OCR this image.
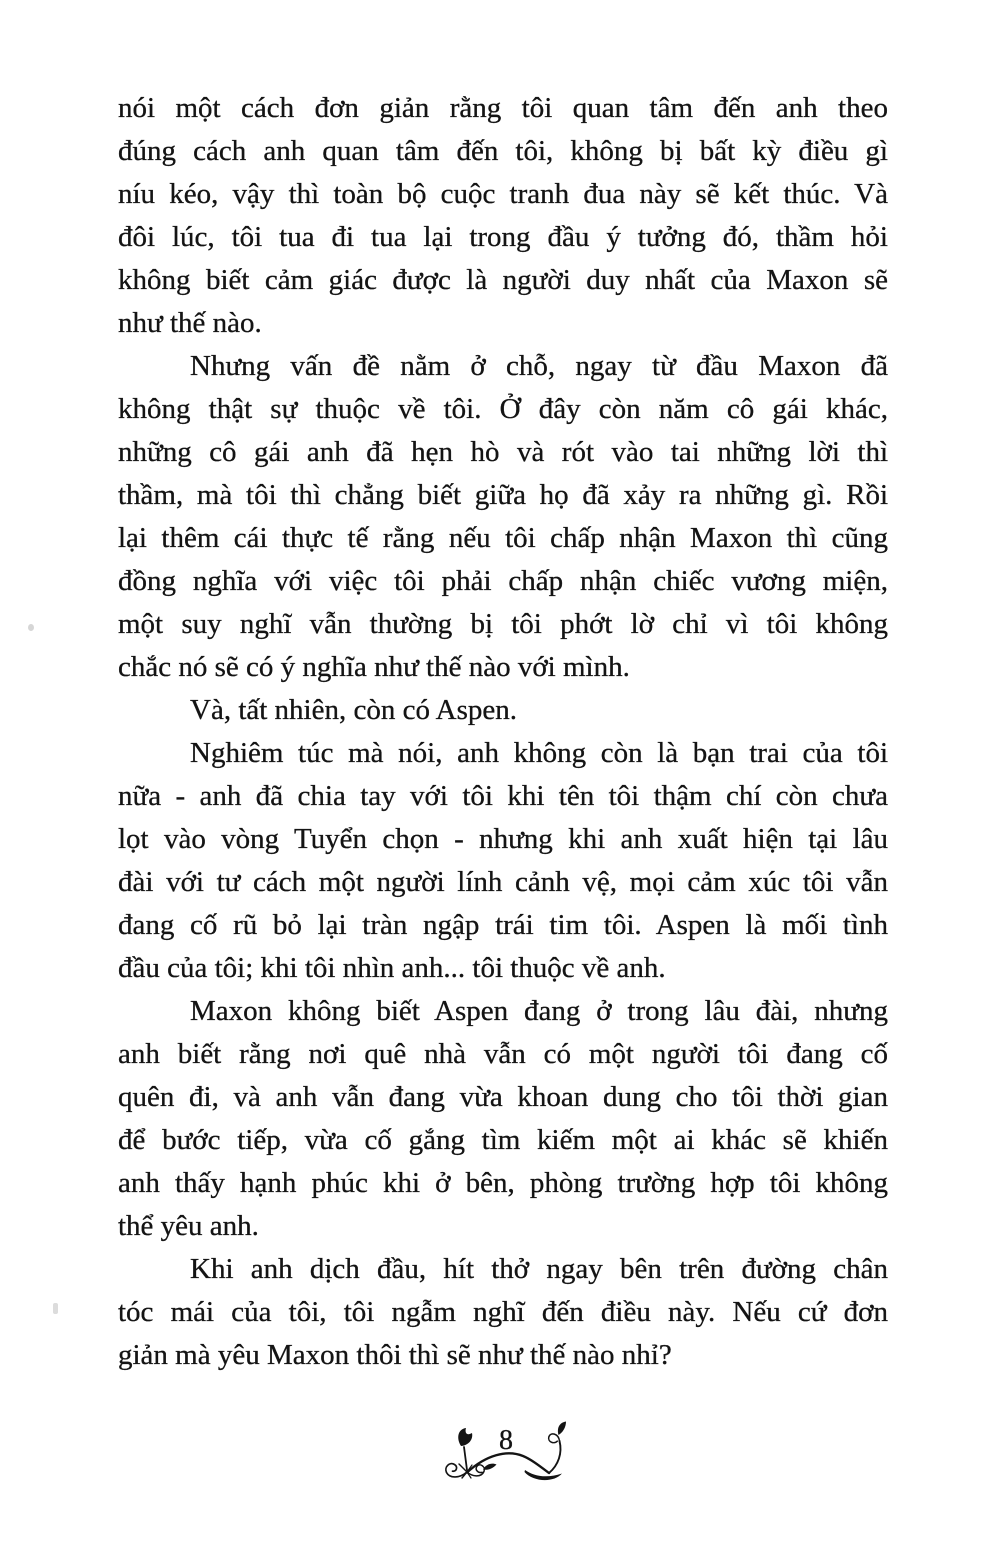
nói một cách đơn giản rằng tôi quan tâm đến anh theo
đúng cách anh quan tâm đến tôi, không bị bất kỳ điều gì
níu kéo, vậy thì toàn bộ cuộc tranh đua này sẽ kết thúc. Và
đôi lúc, tôi tua đi tua lại trong đầu ý tưởng đó, thầm hỏi
không biết cảm giác được là người duy nhất của Maxon sẽ
như thế nào.
Nhưng vấn đề nằm ở chỗ, ngay từ đầu Maxon đã
không thật sự thuộc về tôi. Ở đây còn năm cô gái khác,
những cô gái anh đã hẹn hò và rót vào tai những lời thì
thầm, mà tôi thì chẳng biết giữa họ đã xảy ra những gì. Rồi
lại thêm cái thực tế rằng nếu tôi chấp nhận Maxon thì cũng
đồng nghĩa với việc tôi phải chấp nhận chiếc vương miện,
một suy nghĩ vẫn thường bị tôi phớt lờ chỉ vì tôi không
chắc nó sẽ có ý nghĩa như thế nào với mình.
Và, tất nhiên, còn có Aspen.
Nghiêm túc mà nói, anh không còn là bạn trai của tôi
nữa - anh đã chia tay với tôi khi tên tôi thậm chí còn chưa
lọt vào vòng Tuyển chọn - nhưng khi anh xuất hiện tại lâu
đài với tư cách một người lính cảnh vệ, mọi cảm xúc tôi vẫn
đang cố rũ bỏ lại tràn ngập trái tim tôi. Aspen là mối tình
đầu của tôi; khi tôi nhìn anh... tôi thuộc về anh.
Maxon không biết Aspen đang ở trong lâu đài, nhưng
anh biết rằng nơi quê nhà vẫn có một người tôi đang cố
quên đi, và anh vẫn đang vừa khoan dung cho tôi thời gian
để bước tiếp, vừa cố gắng tìm kiếm một ai khác sẽ khiến
anh thấy hạnh phúc khi ở bên, phòng trường hợp tôi không
thể yêu anh.
Khi anh dịch đầu, hít thở ngay bên trên đường chân
tóc mái của tôi, tôi ngẫm nghĩ đến điều này. Nếu cứ đơn
giản mà yêu Maxon thôi thì sẽ như thế nào nhỉ?
8
